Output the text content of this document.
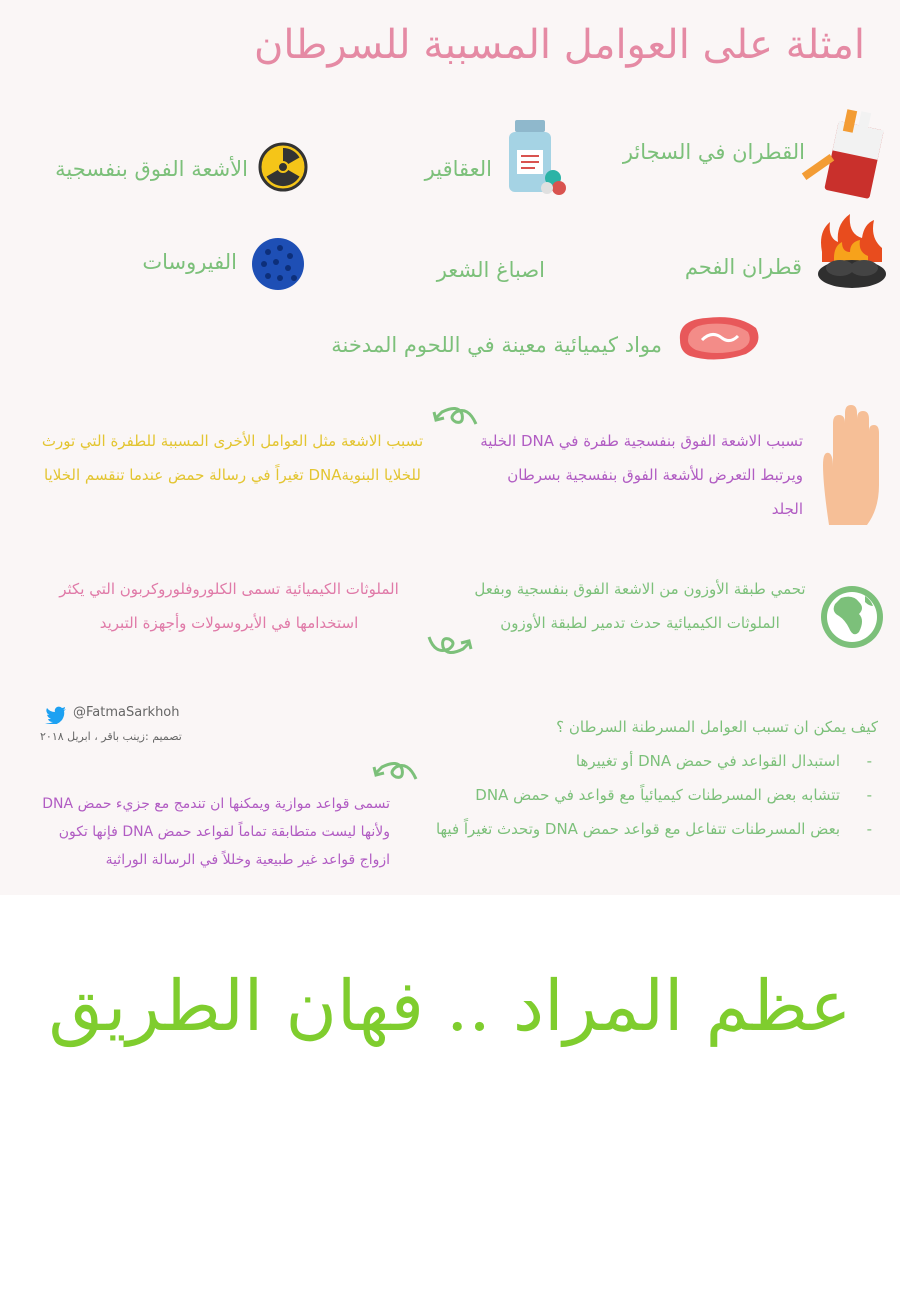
امثلة على العوامل المسببة للسرطان
القطران في السجائر
العقاقير
الأشعة الفوق بنفسجية
قطران الفحم
اصباغ الشعر
الفيروسات
مواد كيميائية معينة في اللحوم المدخنة
تسبب الاشعة الفوق بنفسجية طفرة في DNA الخلية ويرتبط التعرض للأشعة الفوق بنفسجية بسرطان الجلد
تسبب الاشعة مثل العوامل الأخرى المسببة للطفرة التي تورث للخلايا البنويةDNA تغيراً في رسالة حمض عندما تنقسم الخلايا
تحمي طبقة الأوزون من الاشعة الفوق بنفسجية وبفعل الملوثات الكيميائية حدث تدمير لطبقة الأوزون
الملوثات الكيميائية تسمى الكلوروفلوروكربون التي يكثر استخدامها في الأيروسولات وأجهزة التبريد
@FatmaSarkhoh
تصميم :زينب باقر ، ابريل ٢٠١٨
كيف يمكن ان تسبب العوامل المسرطنة السرطان ؟
- استبدال القواعد في حمض DNA أو تغييرها
- تتشابه بعض المسرطنات كيميائياً مع قواعد في حمض DNA
- بعض المسرطنات تتفاعل مع قواعد حمض DNA وتحدث تغيراً فيها
تسمى قواعد موازية ويمكنها ان تندمج مع جزيء حمض DNA ولأنها ليست متطابقة تماماً لقواعد حمض DNA فإنها تكون ازواج قواعد غير طبيعية وخللاً في الرسالة الوراثية
عظم المراد .. فهان الطريق
